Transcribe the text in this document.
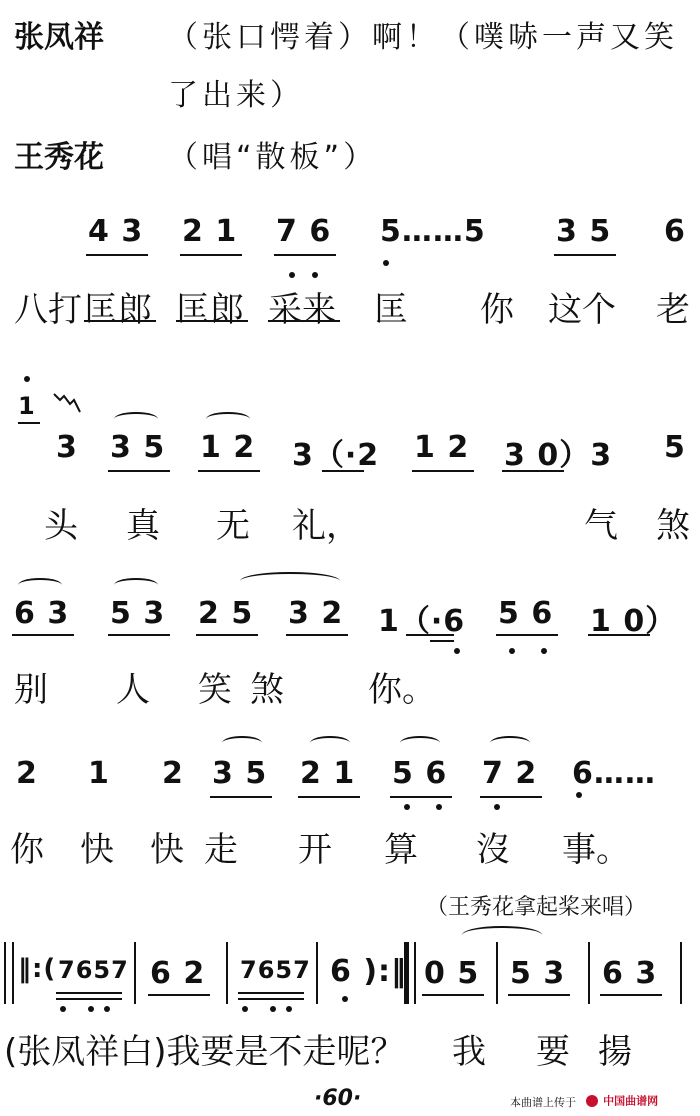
张凤祥 （张口愕着）啊！（噗哧一声又笑
了出来）
王秀花 （唱“散板”）
4 3 2 1 7 6 5……5 3 5 6
八打 匡郎 匡郎 采来 匡 你 这个 老
1
3 3 5 1 2 3（·2 1 2 3 0）3 5
头 真 无 礼，	气 煞
6 3 5 3 2 5 3 2 1（·6 5 6 1 0）
别 人 笑煞 你。
2 1 2 3 5 2 1 5 6 7 2 6……
你 快 快 走 开 算 沒 事。
（王秀花拿起桨来唱）
‖:( 7657 6 2 7657 6 ):‖ 0 5 5 3 6 3
(张凤祥白)我要是不走呢？ 我 要 揚
·60·	本曲谱上传于	中国曲谱网
